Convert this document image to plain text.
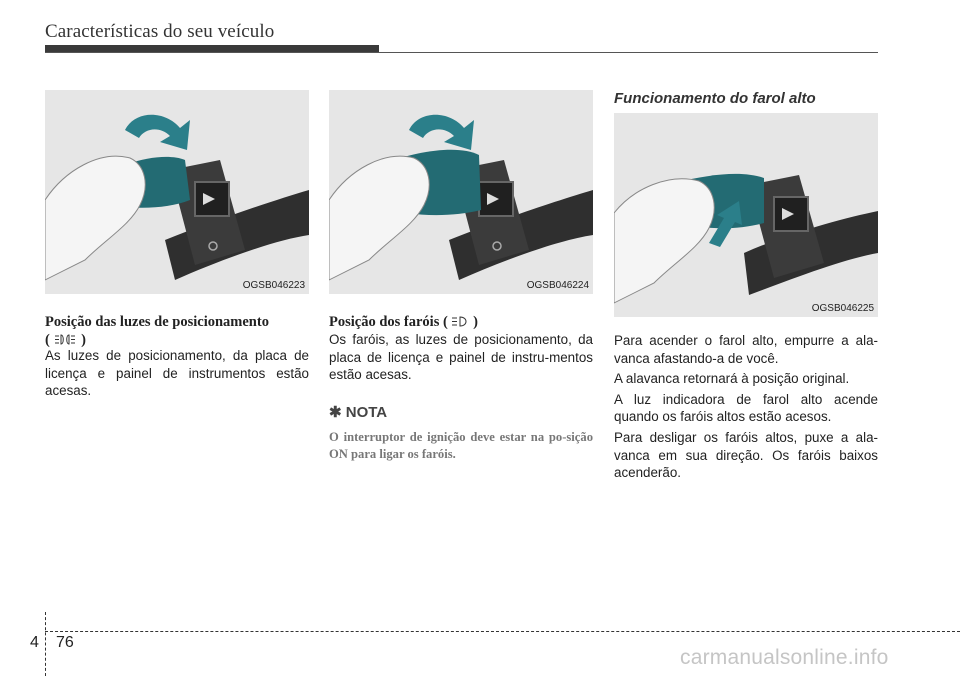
Características do seu veículo
OGSB046223	OGSB046224
OGSB046225
Posição das luzes de posicionamento
( )
As luzes de posicionamento, da placa de licença e painel de instrumentos estão acesas.
Posição dos faróis ( )
Os faróis, as luzes de posicionamento, da placa de licença e painel de instru-mentos estão acesas.
✱ NOTA
O interruptor de ignição deve estar na po-sição ON para ligar os faróis.
Funcionamento do farol alto

Para acender o farol alto, empurre a ala-vanca afastando-a de você.

A alavanca retornará à posição original.

A luz indicadora de farol alto acende quando os faróis altos estão acesos.

Para desligar os faróis altos, puxe a ala-vanca em sua direção. Os faróis baixos acenderão.

4 76
carmanualsonline.info
